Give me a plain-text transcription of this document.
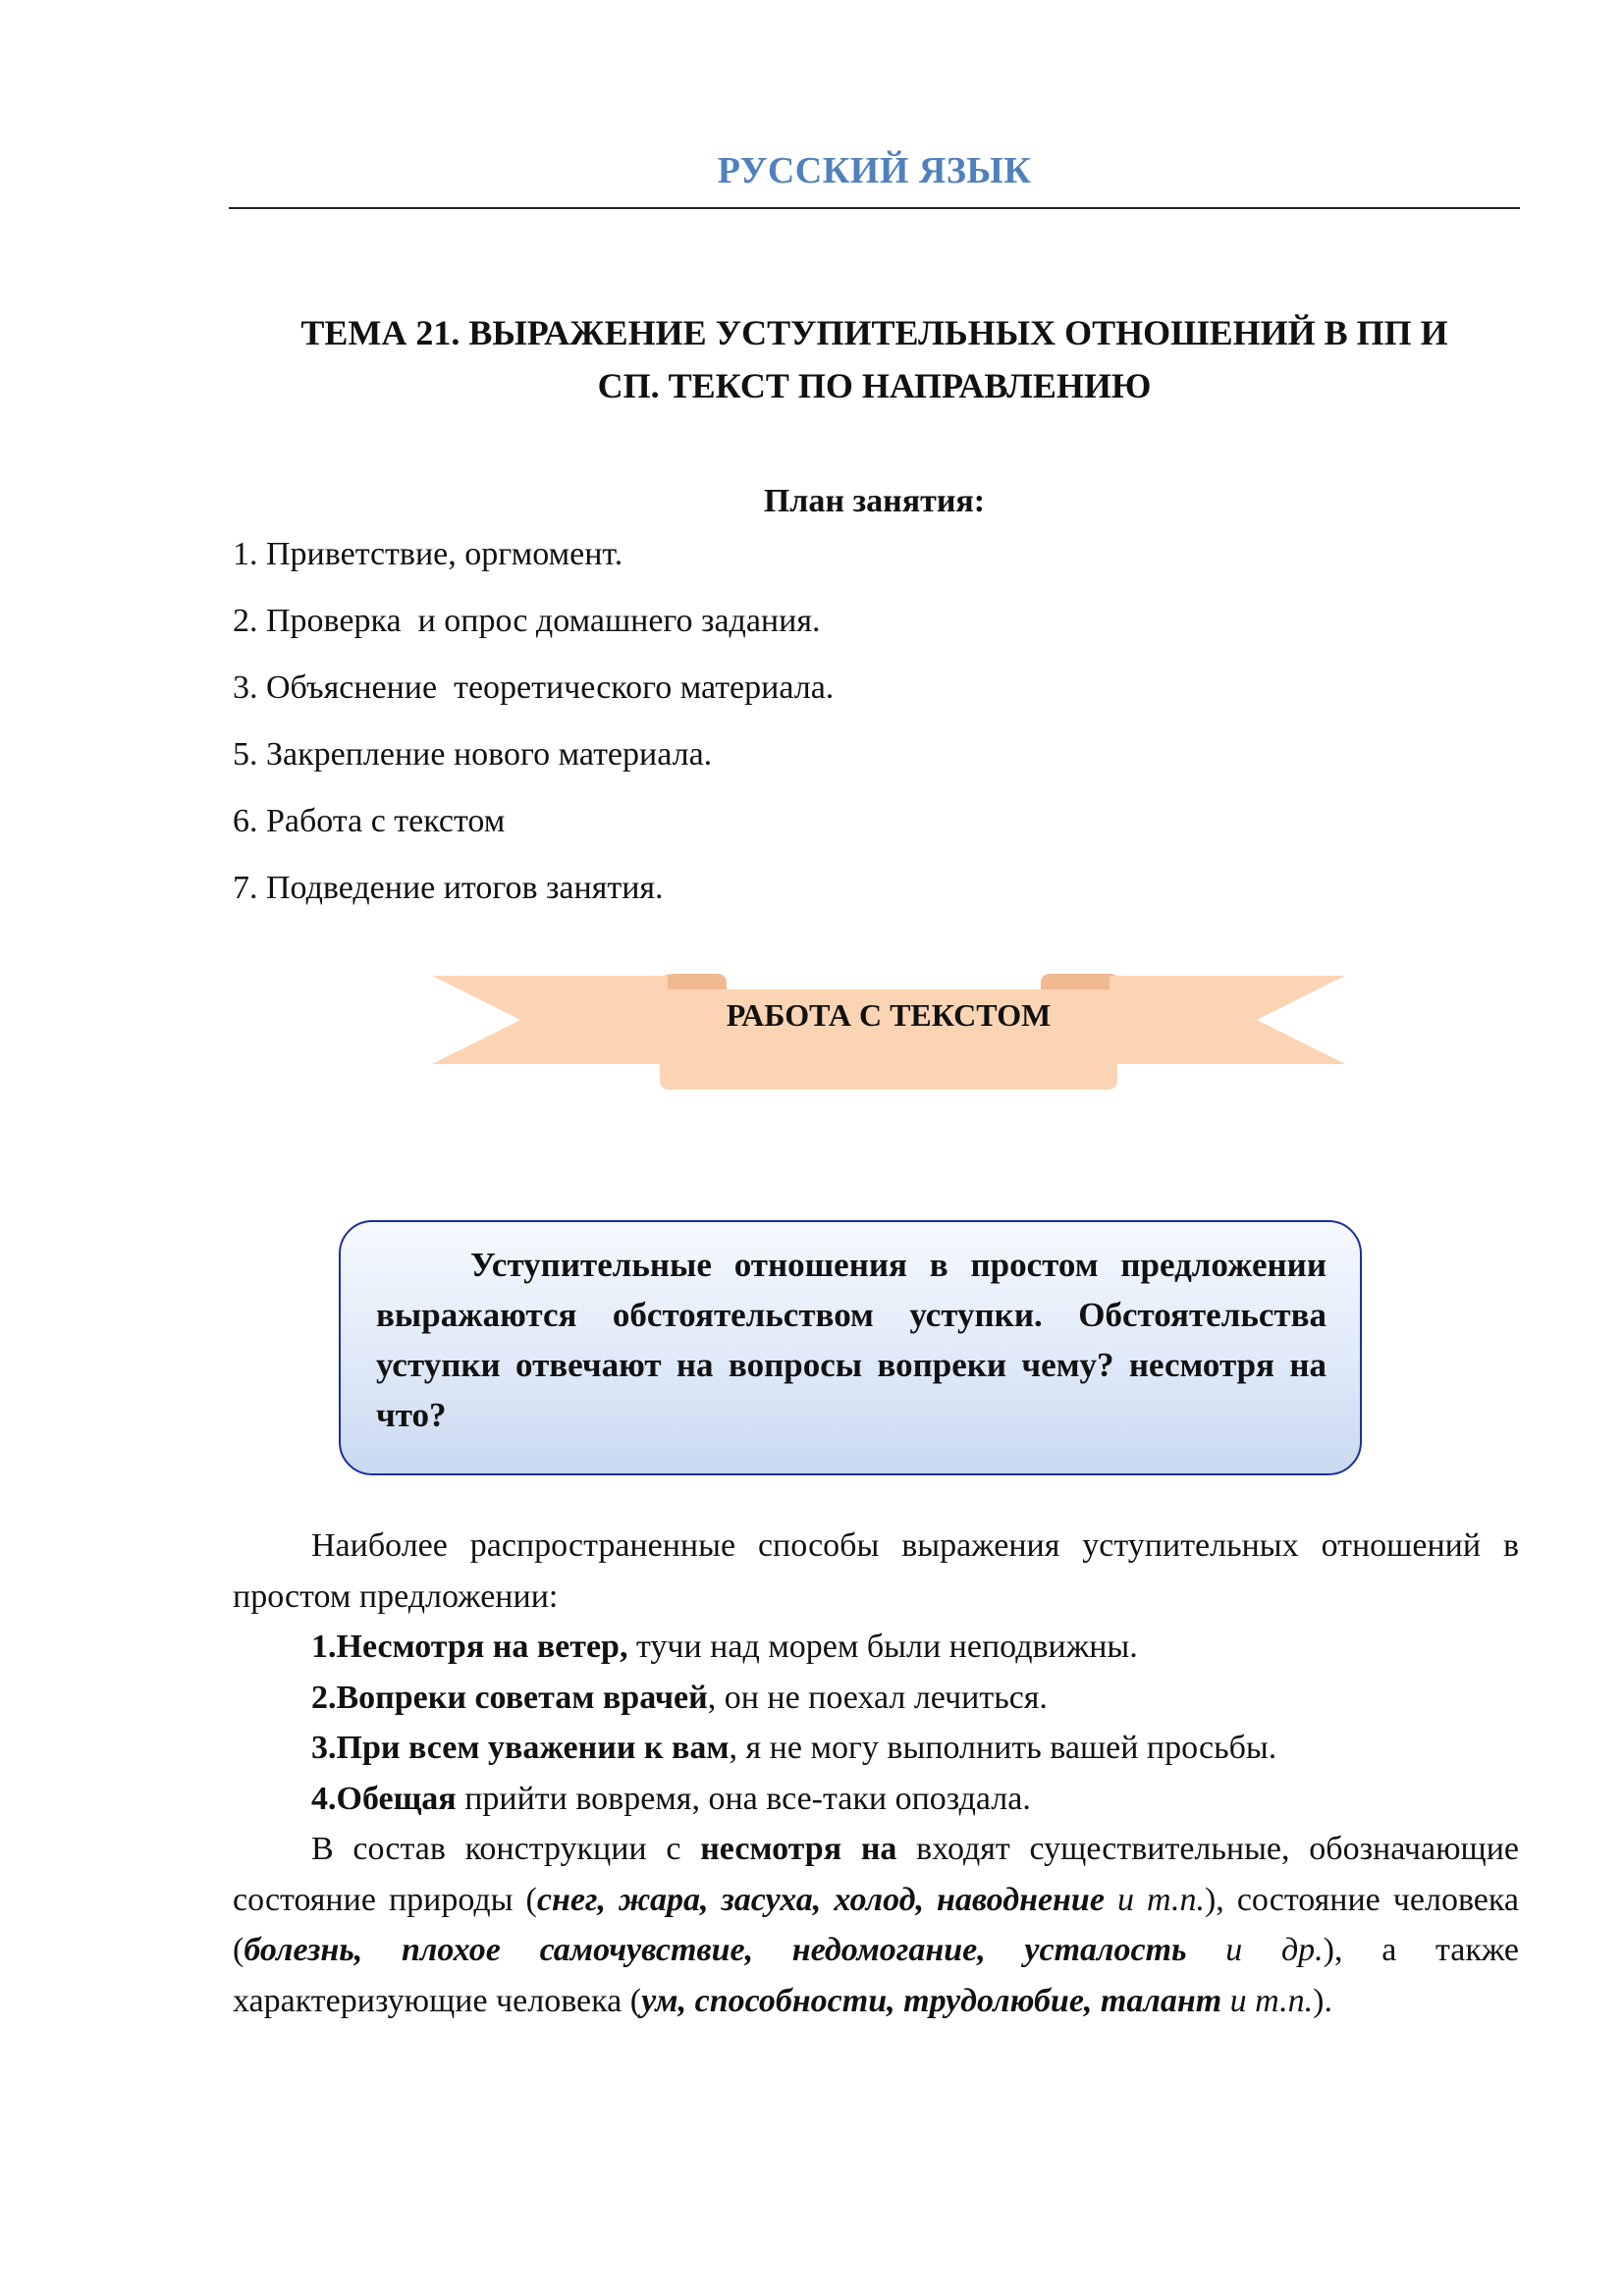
РУССКИЙ ЯЗЫК
ТЕМА 21. ВЫРАЖЕНИЕ УСТУПИТЕЛЬНЫХ ОТНОШЕНИЙ В ПП И
СП. ТЕКСТ ПО НАПРАВЛЕНИЮ
План занятия:
1. Приветствие, оргмомент.
2. Проверка  и опрос домашнего задания.
3. Объяснение  теоретического материала.
5. Закрепление нового материала.
6. Работа с текстом
7. Подведение итогов занятия.
РАБОТА С ТЕКСТОМ
Уступительные отношения в простом предложении выражаются обстоятельством уступки. Обстоятельства уступки отвечают на вопросы вопреки чему? несмотря на что?

Наиболее распространенные способы выражения уступительных отношений в простом предложении:

1.Несмотря на ветер, тучи над морем были неподвижны.

2.Вопреки советам врачей, он не поехал лечиться.

3.При всем уважении к вам, я не могу выполнить вашей просьбы.

4.Обещая прийти вовремя, она все-таки опоздала.

В состав конструкции с несмотря на входят существительные, обозначающие состояние природы (снег, жара, засуха, холод, наводнение и т.п.), состояние человека (болезнь, плохое самочувствие, недомогание, усталость и др.), а также характеризующие человека (ум, способности, трудолюбие, талант и т.п.).
